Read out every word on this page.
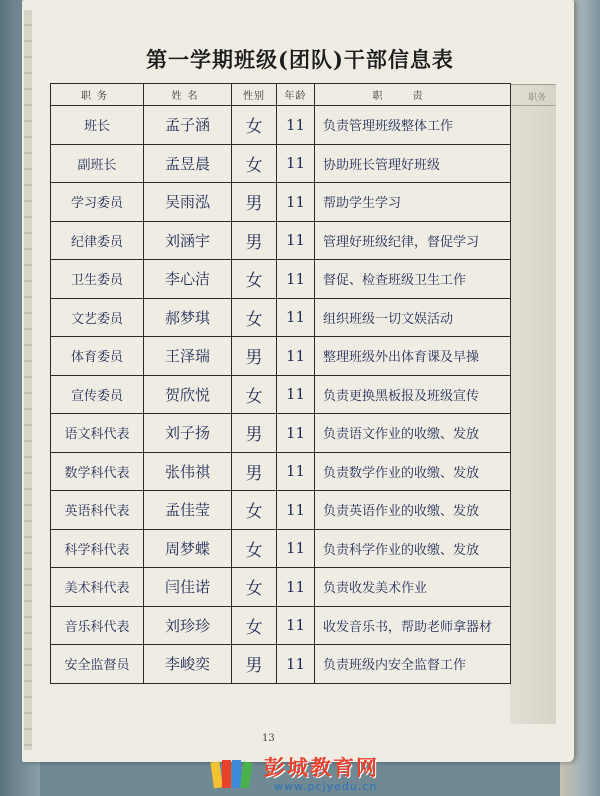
职务
第一学期班级(团队)干部信息表
职务	姓名	性别	年龄	职责
班长	孟子涵	女	11	负责管理班级整体工作
副班长	孟昱晨	女	11	协助班长管理好班级
学习委员	吴雨泓	男	11	帮助学生学习
纪律委员	刘涵宇	男	11	管理好班级纪律，督促学习
卫生委员	李心洁	女	11	督促、检查班级卫生工作
文艺委员	郝梦琪	女	11	组织班级一切文娱活动
体育委员	王泽瑞	男	11	整理班级外出体育课及早操
宣传委员	贺欣悦	女	11	负责更换黑板报及班级宣传
语文科代表	刘子扬	男	11	负责语文作业的收缴、发放
数学科代表	张伟祺	男	11	负责数学作业的收缴、发放
英语科代表	孟佳莹	女	11	负责英语作业的收缴、发放
科学科代表	周梦蝶	女	11	负责科学作业的收缴、发放
美术科代表	闫佳诺	女	11	负责收发美术作业
音乐科代表	刘珍珍	女	11	收发音乐书，帮助老师拿器材
安全监督员	李峻奕	男	11	负责班级内安全监督工作
13
彭城教育网
www.pcjyedu.cn
